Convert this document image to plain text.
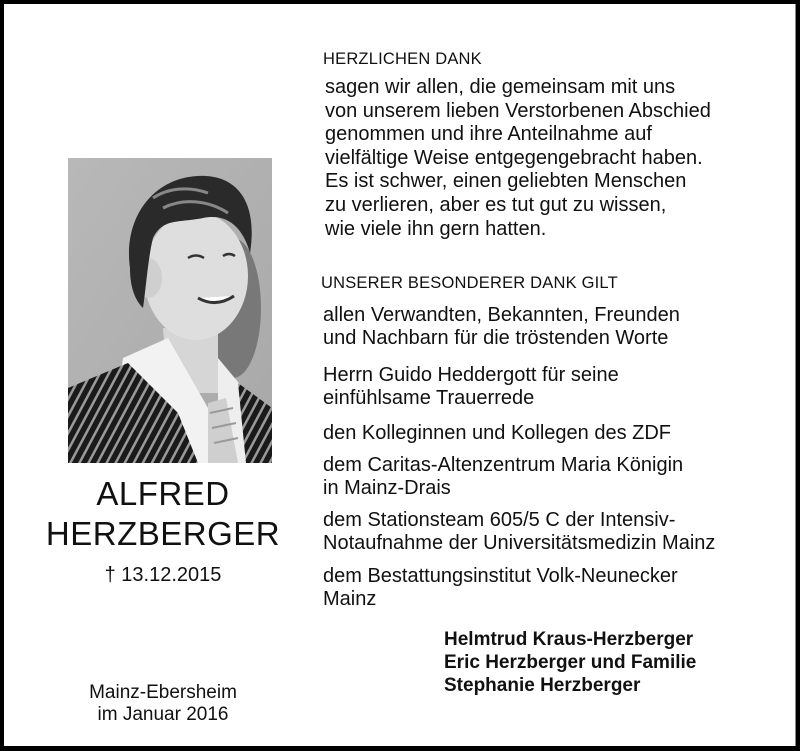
ALFRED
HERZBERGER
† 13.12.2015
Mainz-Ebersheim
im Januar 2016
HERZLICHEN DANK
sagen wir allen, die gemeinsam mit uns
von unserem lieben Verstorbenen Abschied
genommen und ihre Anteilnahme auf
vielfältige Weise entgegengebracht haben.
Es ist schwer, einen geliebten Menschen
zu verlieren, aber es tut gut zu wissen,
wie viele ihn gern hatten.
UNSERER BESONDERER DANK GILT
allen Verwandten, Bekannten, Freunden
und Nachbarn für die tröstenden Worte
Herrn Guido Heddergott für seine
einfühlsame Trauerrede
den Kolleginnen und Kollegen des ZDF
dem Caritas-Altenzentrum Maria Königin
in Mainz-Drais
dem Stationsteam 605/5 C der Intensiv-
Notaufnahme der Universitätsmedizin Mainz
dem Bestattungsinstitut Volk-Neunecker
Mainz
Helmtrud Kraus-Herzberger
Eric Herzberger und Familie
Stephanie Herzberger
